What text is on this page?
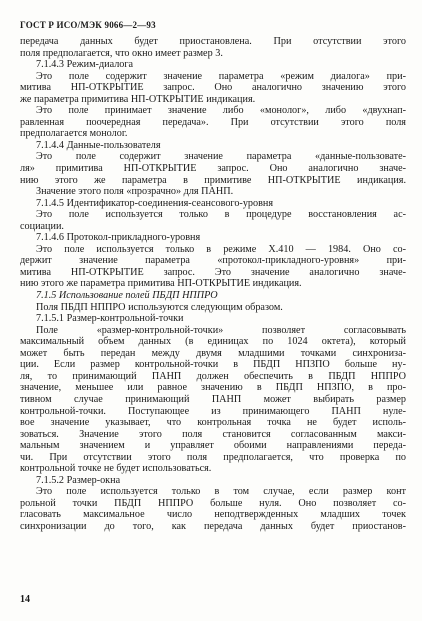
ГОСТ Р ИСО/МЭК 9066—2—93
передача данных будет приостановлена. При отсутствии этого
поля предполагается, что окно имеет размер 3.
7.1.4.3 Режим-диалога
Это поле содержит значение параметра «режим диалога» при-
митива НП-ОТКРЫТИЕ запрос. Оно аналогично значению этого
же параметра примитива НП-ОТКРЫТИЕ индикация.
Это поле принимает значение либо «монолог», либо «двухнап-
равленная поочередная передача». При отсутствии этого поля
предполагается монолог.
7.1.4.4 Данные-пользователя
Это поле содержит значение параметра «данные-пользовате-
ля» примитива НП-ОТКРЫТИЕ запрос. Оно аналогично значе-
нию этого же параметра в примитиве НП-ОТКРЫТИЕ индикация.
Значение этого поля «прозрачно» для ПАНП.
7.1.4.5 Идентификатор-соединения-сеансового-уровня
Это поле используется только в процедуре восстановления ас-
социации.
7.1.4.6 Протокол-прикладного-уровня
Это поле используется только в режиме X.410 — 1984. Оно со-
держит значение параметра «протокол-прикладного-уровня» при-
митива НП-ОТКРЫТИЕ запрос. Это значение аналогично значе-
нию этого же параметра примитива НП-ОТКРЫТИЕ индикация.
7.1.5 Использование полей ПБДП НППРО
Поля ПБДП НППРО используются следующим образом.
7.1.5.1 Размер-контрольной-точки
Поле «размер-контрольной-точки» позволяет согласовывать
максимальный объем данных (в единицах по 1024 октета), который
может быть передан между двумя младшими точками синхрониза-
ции. Если размер контрольной-точки в ПБДП НПЗПО больше ну-
ля, то принимающий ПАНП должен обеспечить в ПБДП НППРО
значение, меньшее или равное значению в ПБДП НПЗПО, в про-
тивном случае принимающий ПАНП может выбирать размер
контрольной-точки. Поступающее из принимающего ПАНП нуле-
вое значение указывает, что контрольная точка не будет исполь-
зоваться. Значение этого поля становится согласованным макси-
мальным значением и управляет обоими направлениями переда-
чи. При отсутствии этого поля предполагается, что проверка по
контрольной точке не будет использоваться.
7.1.5.2 Размер-окна
Это поле используется только в том случае, если размер конт
рольной точки ПБДП НППРО больше нуля. Оно позволяет со-
гласовать максимальное число неподтвержденных младших точек
синхронизации до того, как передача данных будет приостанов-
14
